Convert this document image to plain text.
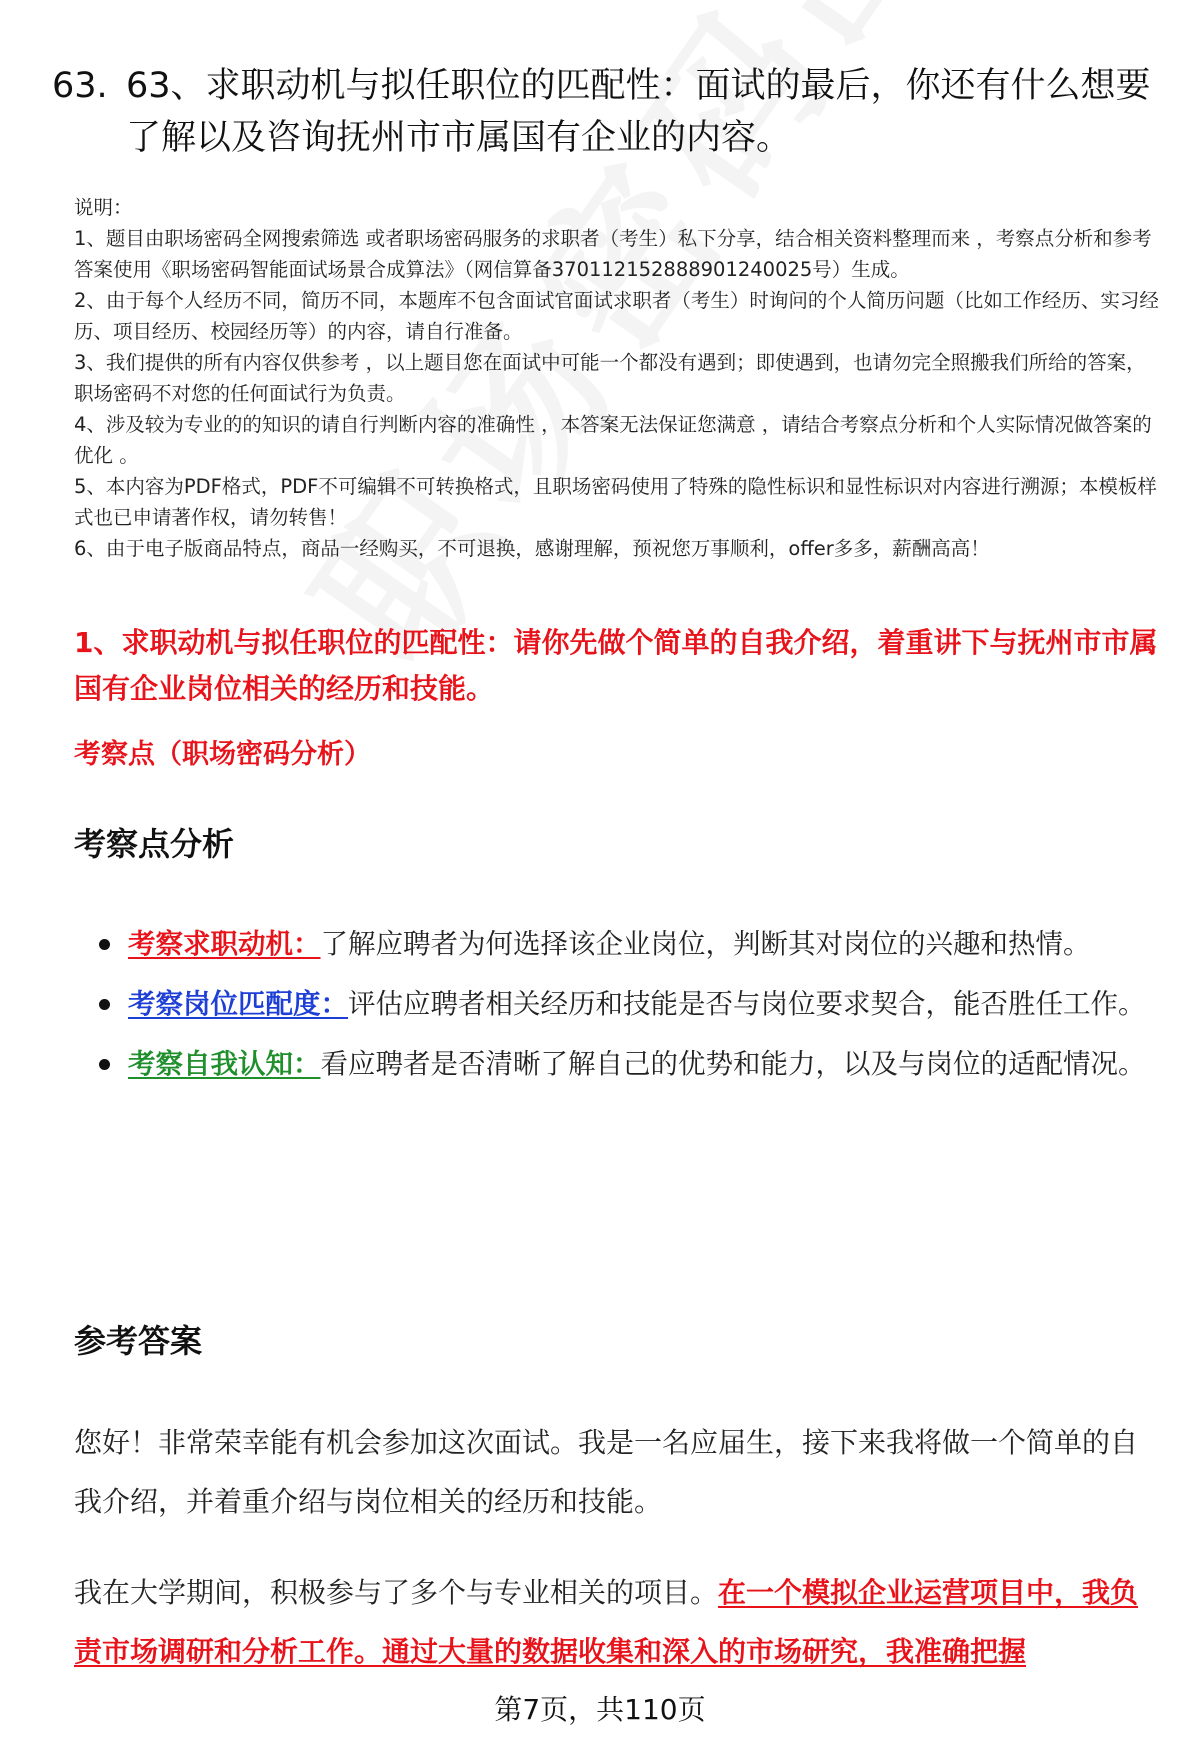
63. 63、求职动机与拟任职位的匹配性：面试的最后，你还有什么想要了解以及咨询抚州市市属国有企业的内容。
说明：
1、题目由职场密码全网搜索筛选 或者职场密码服务的求职者（考生）私下分享，结合相关资料整理而来 ，考察点分析和参考答案使用《职场密码智能面试场景合成算法》（网信算备370112152888901240025号）生成。
2、由于每个人经历不同，简历不同，本题库不包含面试官面试求职者（考生）时询问的个人简历问题（比如工作经历、实习经历、项目经历、校园经历等）的内容，请自行准备。
3、我们提供的所有内容仅供参考 ，以上题目您在面试中可能一个都没有遇到；即使遇到，也请勿完全照搬我们所给的答案，职场密码不对您的任何面试行为负责。
4、涉及较为专业的的知识的请自行判断内容的准确性 ，本答案无法保证您满意 ，请结合考察点分析和个人实际情况做答案的优化 。
5、本内容为PDF格式，PDF不可编辑不可转换格式，且职场密码使用了特殊的隐性标识和显性标识对内容进行溯源；本模板样式也已申请著作权，请勿转售！
6、由于电子版商品特点，商品一经购买，不可退换，感谢理解，预祝您万事顺利，offer多多，薪酬高高！
1、求职动机与拟任职位的匹配性：请你先做个简单的自我介绍，着重讲下与抚州市市属国有企业岗位相关的经历和技能。
考察点（职场密码分析）
考察点分析
考察求职动机：了解应聘者为何选择该企业岗位，判断其对岗位的兴趣和热情。
考察岗位匹配度：评估应聘者相关经历和技能是否与岗位要求契合，能否胜任工作。
考察自我认知：看应聘者是否清晰了解自己的优势和能力，以及与岗位的适配情况。
参考答案
您好！非常荣幸能有机会参加这次面试。我是一名应届生，接下来我将做一个简单的自我介绍，并着重介绍与岗位相关的经历和技能。
我在大学期间，积极参与了多个与专业相关的项目。在一个模拟企业运营项目中，我负责市场调研和分析工作。通过大量的数据收集和深入的市场研究，我准确把握
第7页，共110页
